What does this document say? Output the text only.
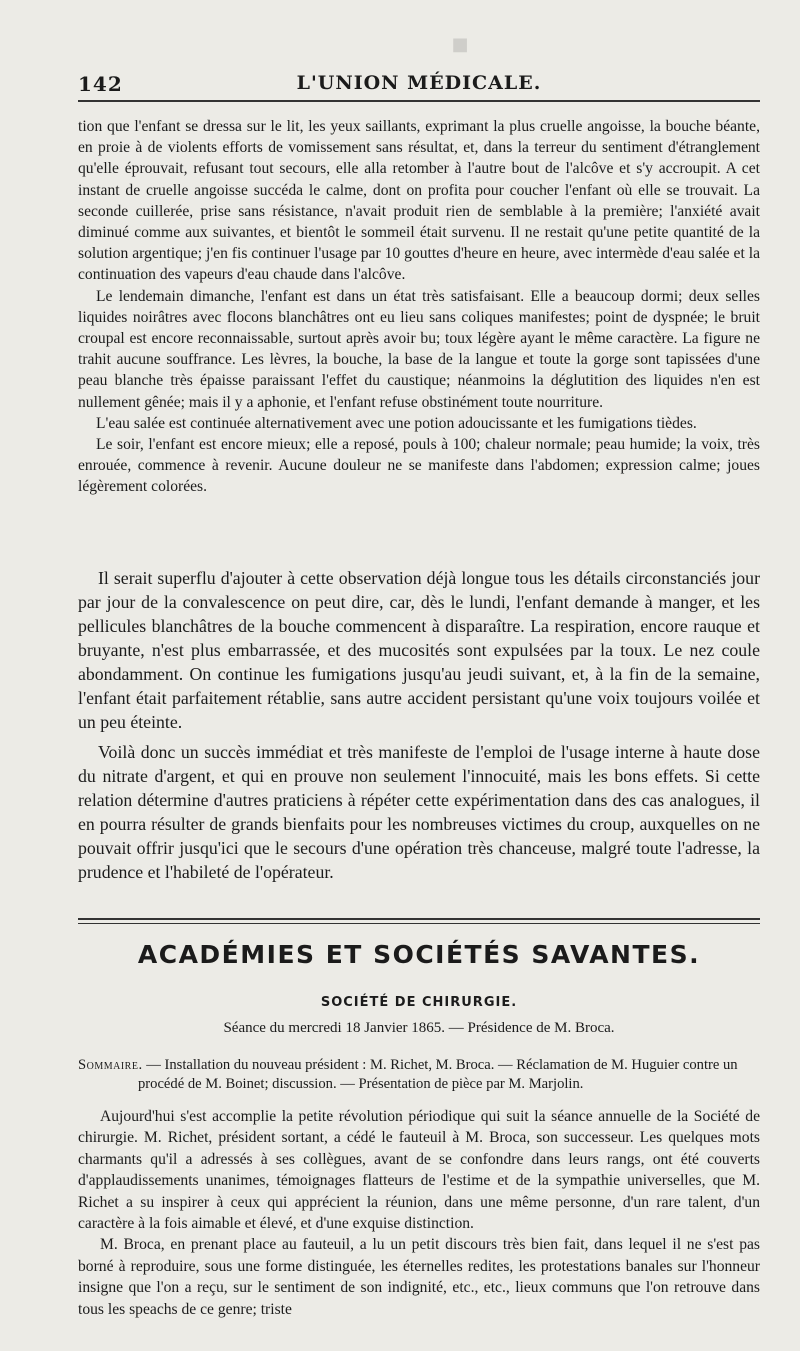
■
142	L'UNION MÉDICALE.

tion que l'enfant se dressa sur le lit, les yeux saillants, exprimant la plus cruelle angoisse, la bouche béante, en proie à de violents efforts de vomissement sans résultat, et, dans la terreur du sentiment d'étranglement qu'elle éprouvait, refusant tout secours, elle alla retomber à l'autre bout de l'alcôve et s'y accroupit. A cet instant de cruelle angoisse succéda le calme, dont on profita pour coucher l'enfant où elle se trouvait. La seconde cuillerée, prise sans résistance, n'avait produit rien de semblable à la première; l'anxiété avait diminué comme aux suivantes, et bientôt le sommeil était survenu. Il ne restait qu'une petite quantité de la solution argentique; j'en fis continuer l'usage par 10 gouttes d'heure en heure, avec intermède d'eau salée et la continuation des vapeurs d'eau chaude dans l'alcôve.

Le lendemain dimanche, l'enfant est dans un état très satisfaisant. Elle a beaucoup dormi; deux selles liquides noirâtres avec flocons blanchâtres ont eu lieu sans coliques manifestes; point de dyspnée; le bruit croupal est encore reconnaissable, surtout après avoir bu; toux légère ayant le même caractère. La figure ne trahit aucune souffrance. Les lèvres, la bouche, la base de la langue et toute la gorge sont tapissées d'une peau blanche très épaisse paraissant l'effet du caustique; néanmoins la déglutition des liquides n'en est nullement gênée; mais il y a aphonie, et l'enfant refuse obstinément toute nourriture.

L'eau salée est continuée alternativement avec une potion adoucissante et les fumigations tièdes.

Le soir, l'enfant est encore mieux; elle a reposé, pouls à 100; chaleur normale; peau humide; la voix, très enrouée, commence à revenir. Aucune douleur ne se manifeste dans l'abdomen; expression calme; joues légèrement colorées.

Il serait superflu d'ajouter à cette observation déjà longue tous les détails circonstanciés jour par jour de la convalescence on peut dire, car, dès le lundi, l'enfant demande à manger, et les pellicules blanchâtres de la bouche commencent à disparaître. La respiration, encore rauque et bruyante, n'est plus embarrassée, et des mucosités sont expulsées par la toux. Le nez coule abondamment. On continue les fumigations jusqu'au jeudi suivant, et, à la fin de la semaine, l'enfant était parfaitement rétablie, sans autre accident persistant qu'une voix toujours voilée et un peu éteinte.

Voilà donc un succès immédiat et très manifeste de l'emploi de l'usage interne à haute dose du nitrate d'argent, et qui en prouve non seulement l'innocuité, mais les bons effets. Si cette relation détermine d'autres praticiens à répéter cette expérimentation dans des cas analogues, il en pourra résulter de grands bienfaits pour les nombreuses victimes du croup, auxquelles on ne pouvait offrir jusqu'ici que le secours d'une opération très chanceuse, malgré toute l'adresse, la prudence et l'habileté de l'opérateur.

ACADÉMIES ET SOCIÉTÉS SAVANTES.
SOCIÉTÉ DE CHIRURGIE.
Séance du mercredi 18 Janvier 1865. — Présidence de M. Broca.
Sommaire. — Installation du nouveau président : M. Richet, M. Broca. — Réclamation de M. Huguier contre un procédé de M. Boinet; discussion. — Présentation de pièce par M. Marjolin.

Aujourd'hui s'est accomplie la petite révolution périodique qui suit la séance annuelle de la Société de chirurgie. M. Richet, président sortant, a cédé le fauteuil à M. Broca, son successeur. Les quelques mots charmants qu'il a adressés à ses collègues, avant de se confondre dans leurs rangs, ont été couverts d'applaudissements unanimes, témoignages flatteurs de l'estime et de la sympathie universelles, que M. Richet a su inspirer à ceux qui apprécient la réunion, dans une même personne, d'un rare talent, d'un caractère à la fois aimable et élevé, et d'une exquise distinction.

M. Broca, en prenant place au fauteuil, a lu un petit discours très bien fait, dans lequel il ne s'est pas borné à reproduire, sous une forme distinguée, les éternelles redites, les protestations banales sur l'honneur insigne que l'on a reçu, sur le sentiment de son indignité, etc., etc., lieux communs que l'on retrouve dans tous les speachs de ce genre; triste
